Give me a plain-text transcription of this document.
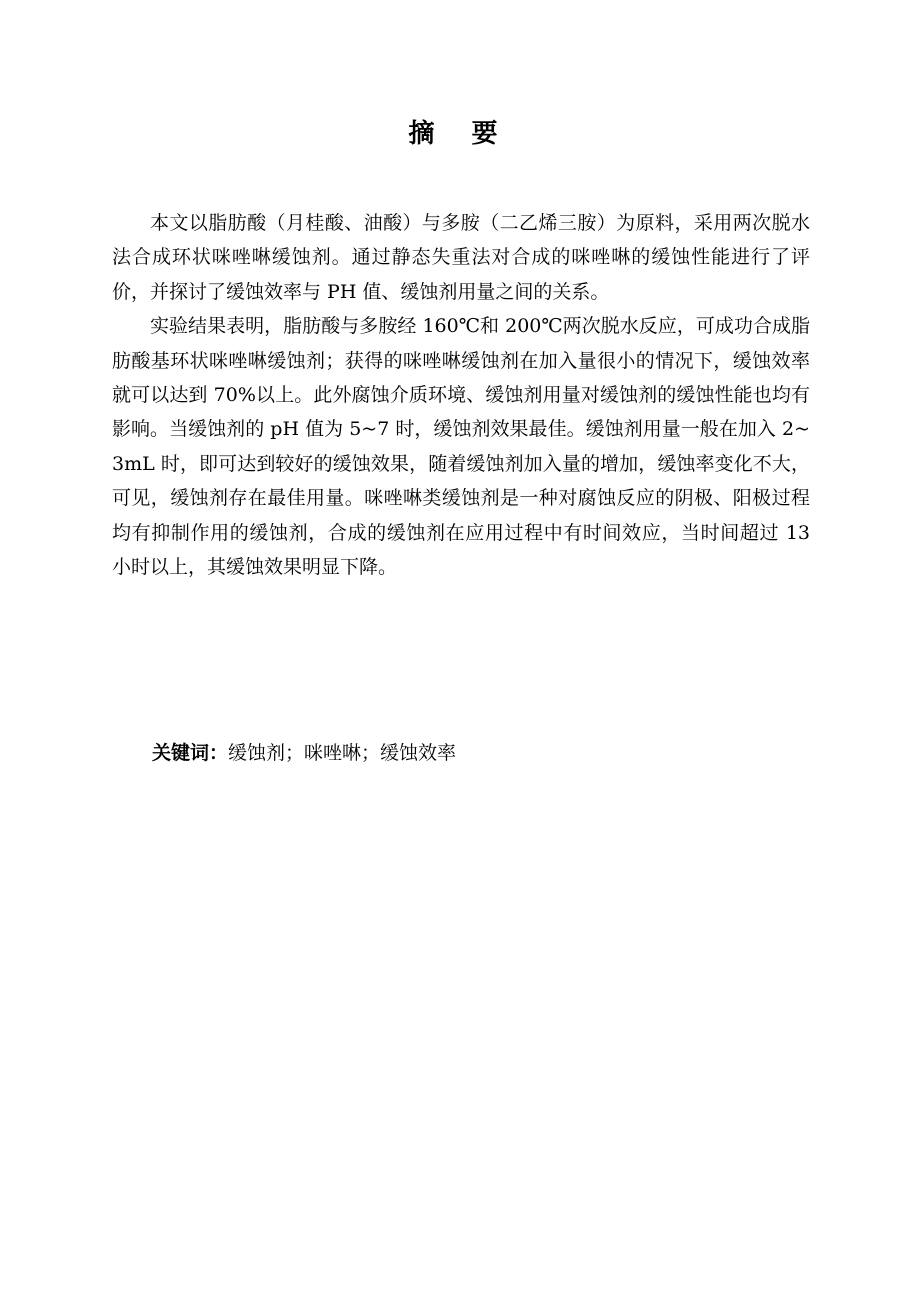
摘 要

本文以脂肪酸（月桂酸、油酸）与多胺（二乙烯三胺）为原料，采用两次脱水法合成环状咪唑啉缓蚀剂。通过静态失重法对合成的咪唑啉的缓蚀性能进行了评价，并探讨了缓蚀效率与 PH 值、缓蚀剂用量之间的关系。

实验结果表明，脂肪酸与多胺经 160℃和 200℃两次脱水反应，可成功合成脂肪酸基环状咪唑啉缓蚀剂；获得的咪唑啉缓蚀剂在加入量很小的情况下，缓蚀效率就可以达到 70%以上。此外腐蚀介质环境、缓蚀剂用量对缓蚀剂的缓蚀性能也均有影响。当缓蚀剂的 pH 值为 5~7 时，缓蚀剂效果最佳。缓蚀剂用量一般在加入 2~3mL 时，即可达到较好的缓蚀效果，随着缓蚀剂加入量的增加，缓蚀率变化不大，可见，缓蚀剂存在最佳用量。咪唑啉类缓蚀剂是一种对腐蚀反应的阴极、阳极过程均有抑制作用的缓蚀剂，合成的缓蚀剂在应用过程中有时间效应，当时间超过 13 小时以上，其缓蚀效果明显下降。

关键词：缓蚀剂；咪唑啉；缓蚀效率
